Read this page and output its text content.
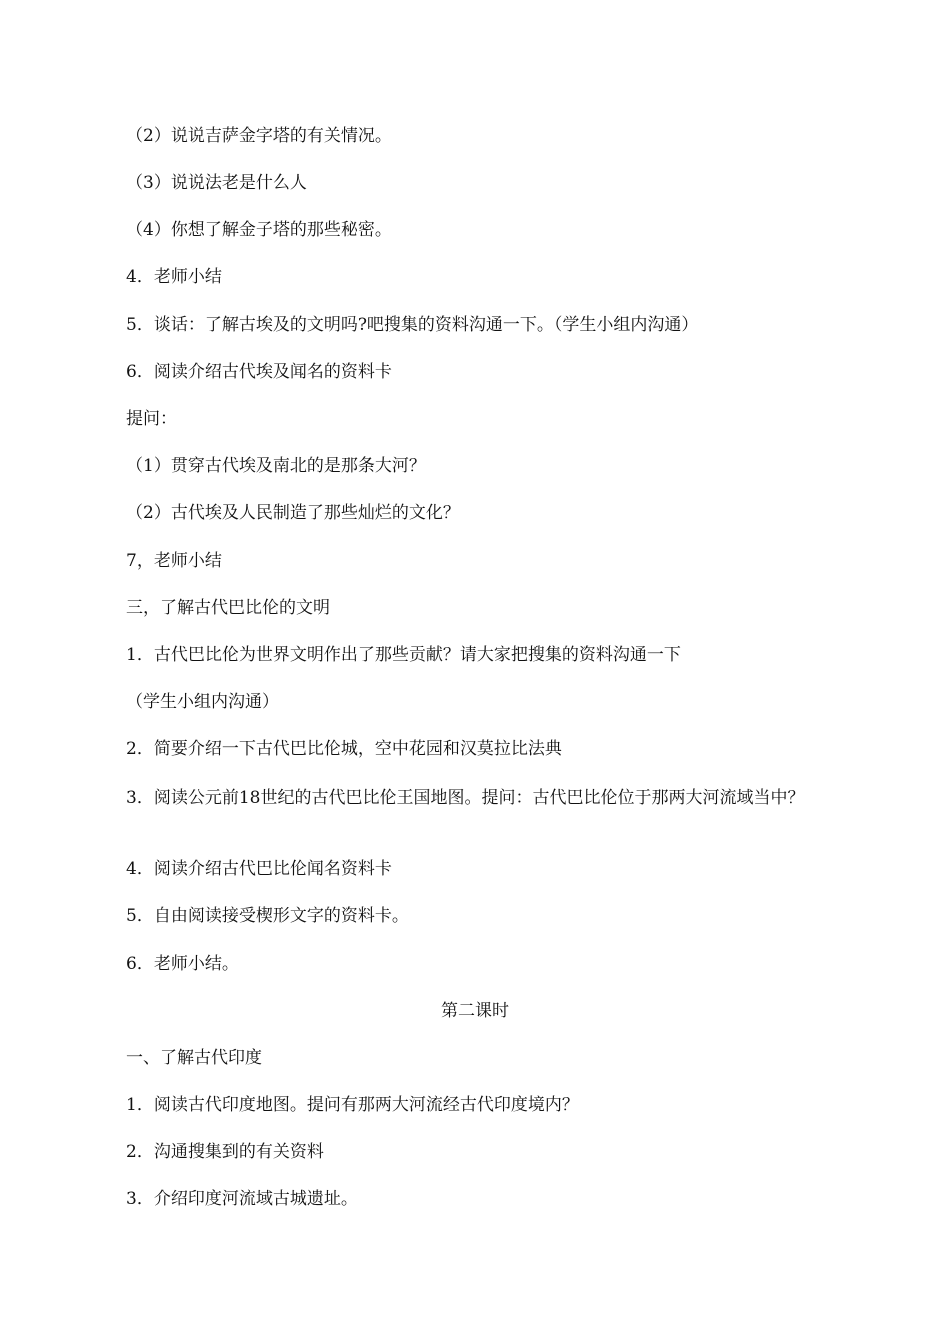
（2）说说吉萨金字塔的有关情况。
（3）说说法老是什么人
（4）你想了解金子塔的那些秘密。
4．老师小结
5．谈话：了解古埃及的文明吗?吧搜集的资料沟通一下。（学生小组内沟通）
6．阅读介绍古代埃及闻名的资料卡
提问：
（1）贯穿古代埃及南北的是那条大河？
（2）古代埃及人民制造了那些灿烂的文化？
7，老师小结
三，了解古代巴比伦的文明
1．古代巴比伦为世界文明作出了那些贡献？请大家把搜集的资料沟通一下
（学生小组内沟通）
2．简要介绍一下古代巴比伦城，空中花园和汉莫拉比法典
3．阅读公元前18世纪的古代巴比伦王国地图。提问：古代巴比伦位于那两大河流域当中？
4．阅读介绍古代巴比伦闻名资料卡
5．自由阅读接受楔形文字的资料卡。
6．老师小结。
第二课时
一、了解古代印度
1．阅读古代印度地图。提问有那两大河流经古代印度境内？
2．沟通搜集到的有关资料
3．介绍印度河流域古城遗址。
